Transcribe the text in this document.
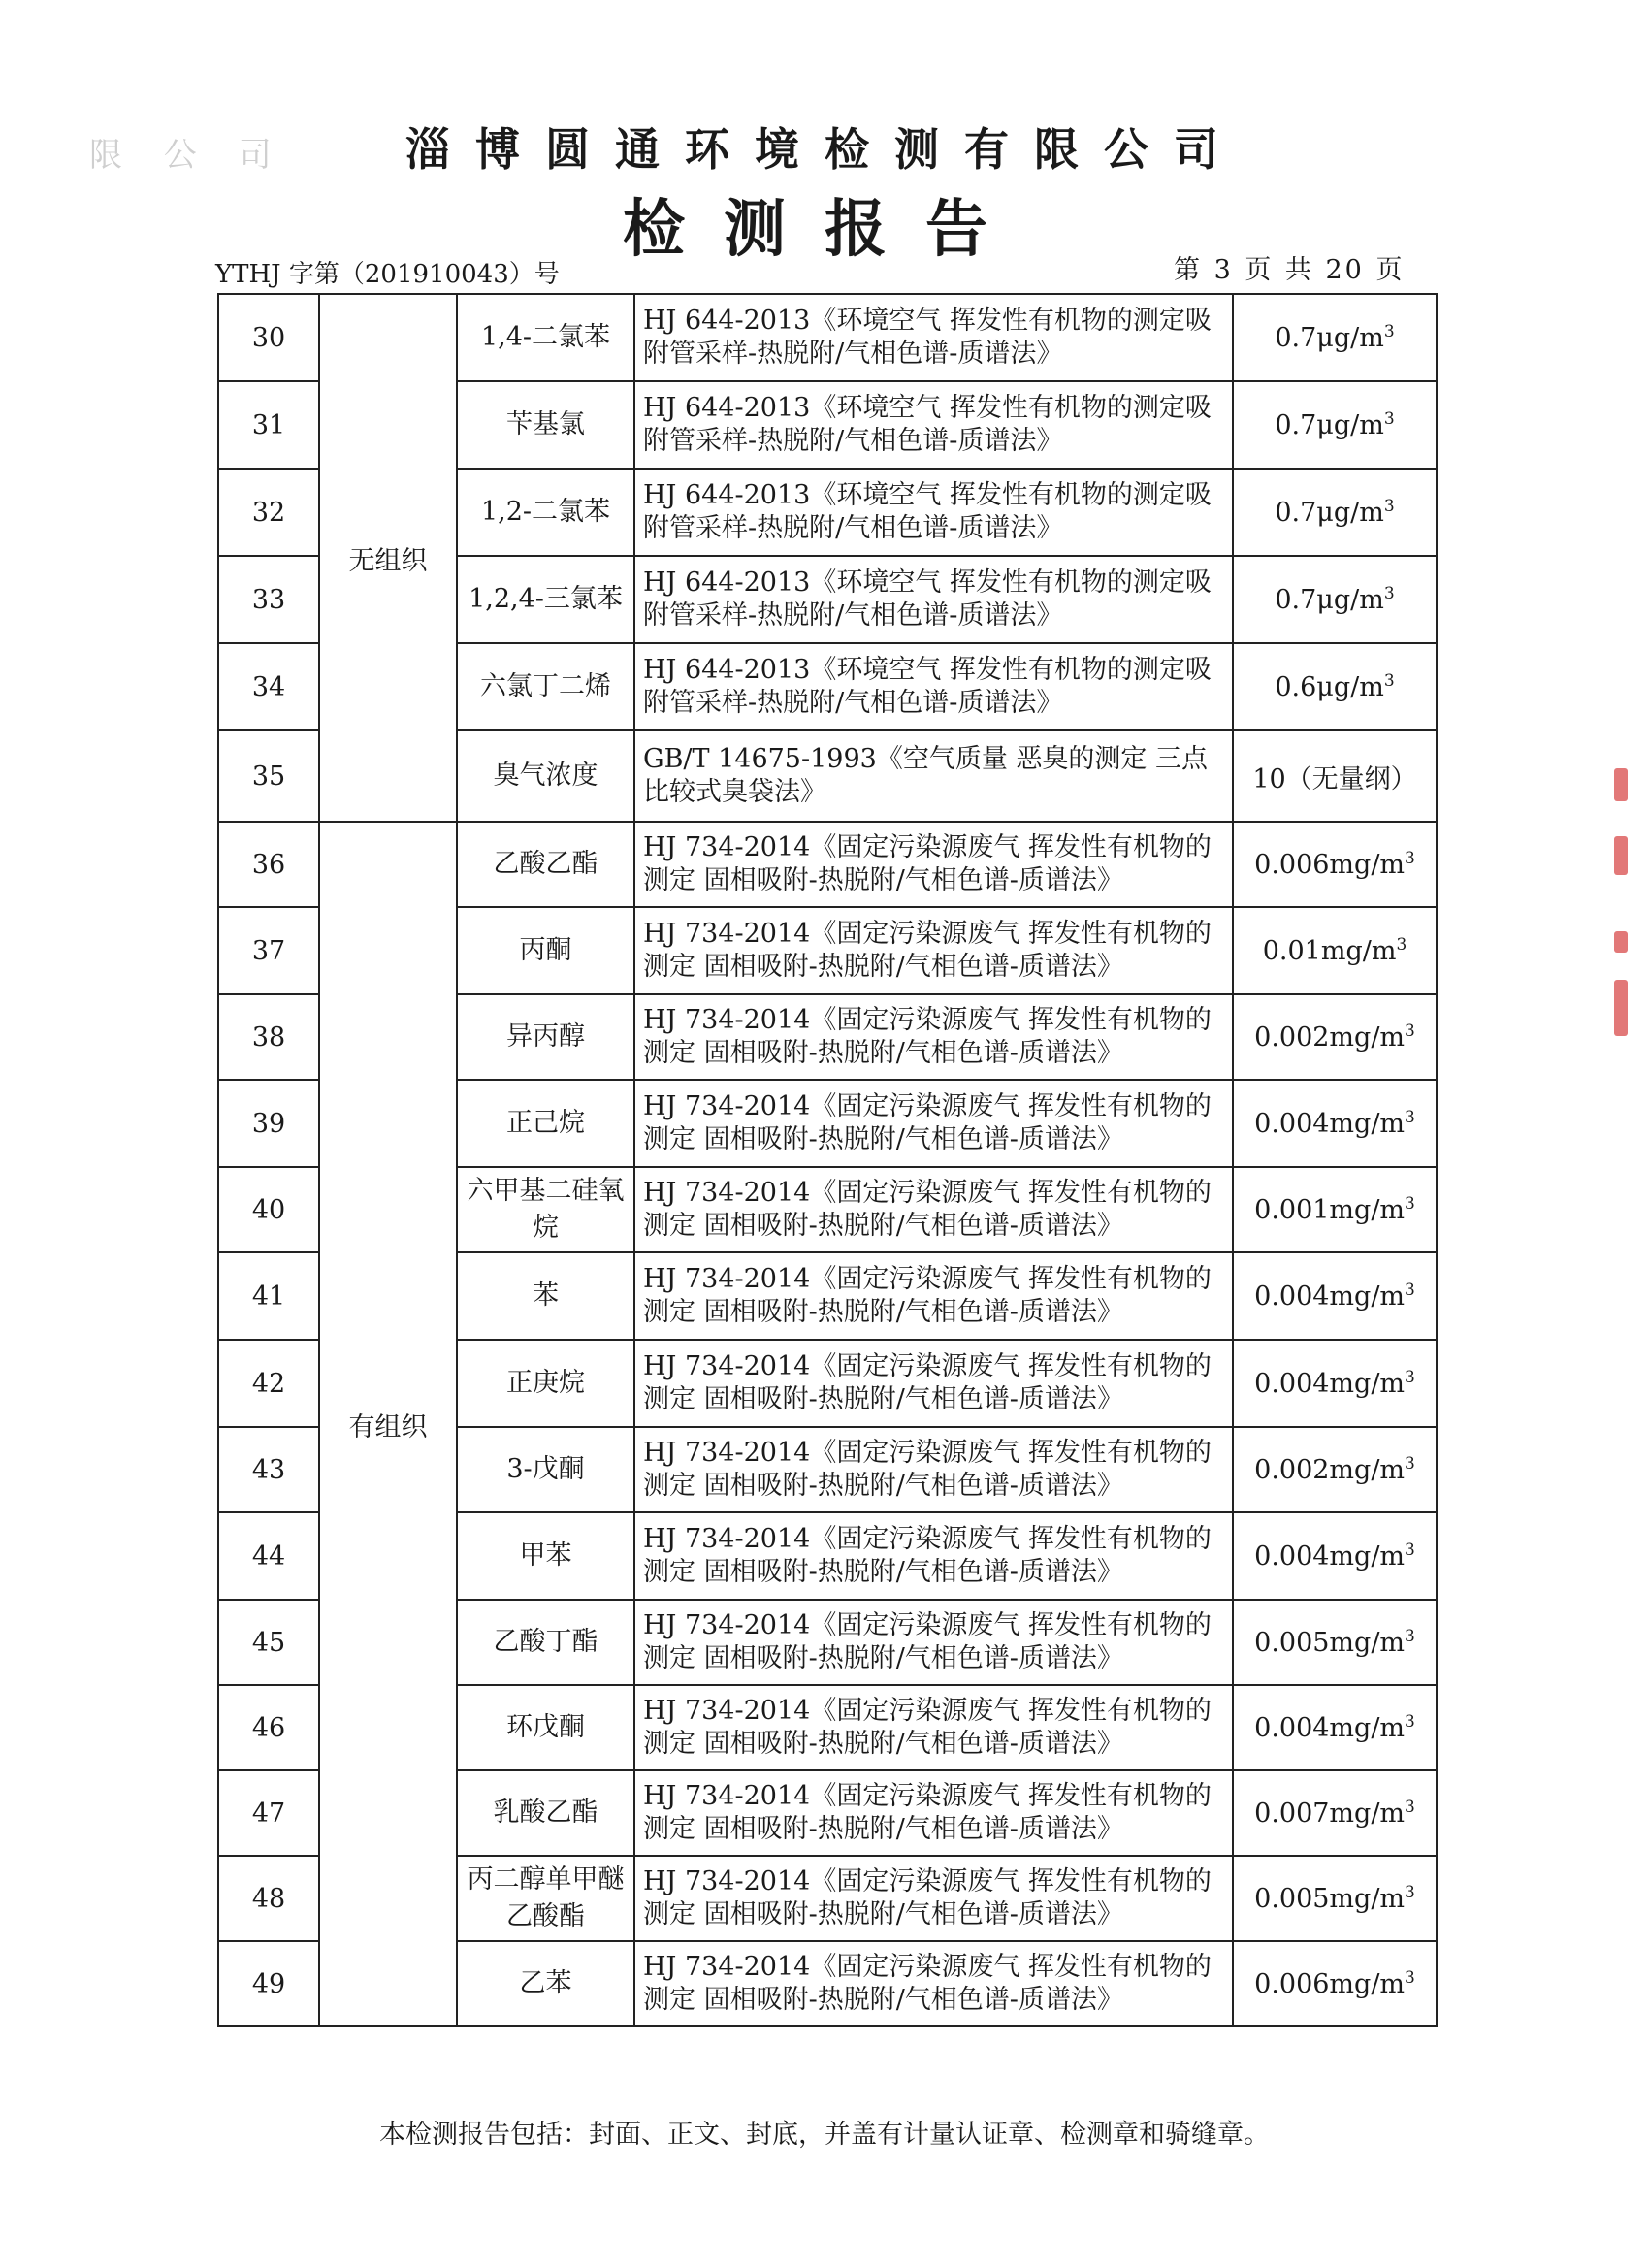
限 公 司	淄博圆通环境检测有限公司
检测报告
YTHJ 字第（201910043）号	第 3 页 共 20 页
30	无组织	1,4-二氯苯	HJ 644-2013《环境空气 挥发性有机物的测定吸附管采样-热脱附/气相色谱-质谱法》	$0.7\mu g/m^3$
31		苄基氯	HJ 644-2013《环境空气 挥发性有机物的测定吸附管采样-热脱附/气相色谱-质谱法》	$0.7\mu g/m^3$
32		1,2-二氯苯	HJ 644-2013《环境空气 挥发性有机物的测定吸附管采样-热脱附/气相色谱-质谱法》	$0.7\mu g/m^3$
33		1,2,4-三氯苯	HJ 644-2013《环境空气 挥发性有机物的测定吸附管采样-热脱附/气相色谱-质谱法》	$0.7\mu g/m^3$
34		六氯丁二烯	HJ 644-2013《环境空气 挥发性有机物的测定吸附管采样-热脱附/气相色谱-质谱法》	$0.6\mu g/m^3$
35		臭气浓度	GB/T 14675-1993《空气质量 恶臭的测定 三点比较式臭袋法》	10（无量纲）
36	有组织	乙酸乙酯	HJ 734-2014《固定污染源废气 挥发性有机物的测定 固相吸附-热脱附/气相色谱-质谱法》	$0.006mg/m^3$
37		丙酮	HJ 734-2014《固定污染源废气 挥发性有机物的测定 固相吸附-热脱附/气相色谱-质谱法》	$0.01mg/m^3$
38		异丙醇	HJ 734-2014《固定污染源废气 挥发性有机物的测定 固相吸附-热脱附/气相色谱-质谱法》	$0.002mg/m^3$
39		正己烷	HJ 734-2014《固定污染源废气 挥发性有机物的测定 固相吸附-热脱附/气相色谱-质谱法》	$0.004mg/m^3$
40		六甲基二硅氧烷	HJ 734-2014《固定污染源废气 挥发性有机物的测定 固相吸附-热脱附/气相色谱-质谱法》	$0.001mg/m^3$
41		苯	HJ 734-2014《固定污染源废气 挥发性有机物的测定 固相吸附-热脱附/气相色谱-质谱法》	$0.004mg/m^3$
42		正庚烷	HJ 734-2014《固定污染源废气 挥发性有机物的测定 固相吸附-热脱附/气相色谱-质谱法》	$0.004mg/m^3$
43		3-戊酮	HJ 734-2014《固定污染源废气 挥发性有机物的测定 固相吸附-热脱附/气相色谱-质谱法》	$0.002mg/m^3$
44		甲苯	HJ 734-2014《固定污染源废气 挥发性有机物的测定 固相吸附-热脱附/气相色谱-质谱法》	$0.004mg/m^3$
45		乙酸丁酯	HJ 734-2014《固定污染源废气 挥发性有机物的测定 固相吸附-热脱附/气相色谱-质谱法》	$0.005mg/m^3$
46		环戊酮	HJ 734-2014《固定污染源废气 挥发性有机物的测定 固相吸附-热脱附/气相色谱-质谱法》	$0.004mg/m^3$
47		乳酸乙酯	HJ 734-2014《固定污染源废气 挥发性有机物的测定 固相吸附-热脱附/气相色谱-质谱法》	$0.007mg/m^3$
48		丙二醇单甲醚乙酸酯	HJ 734-2014《固定污染源废气 挥发性有机物的测定 固相吸附-热脱附/气相色谱-质谱法》	$0.005mg/m^3$
49		乙苯	HJ 734-2014《固定污染源废气 挥发性有机物的测定 固相吸附-热脱附/气相色谱-质谱法》	$0.006mg/m^3$
本检测报告包括：封面、正文、封底，并盖有计量认证章、检测章和骑缝章。
